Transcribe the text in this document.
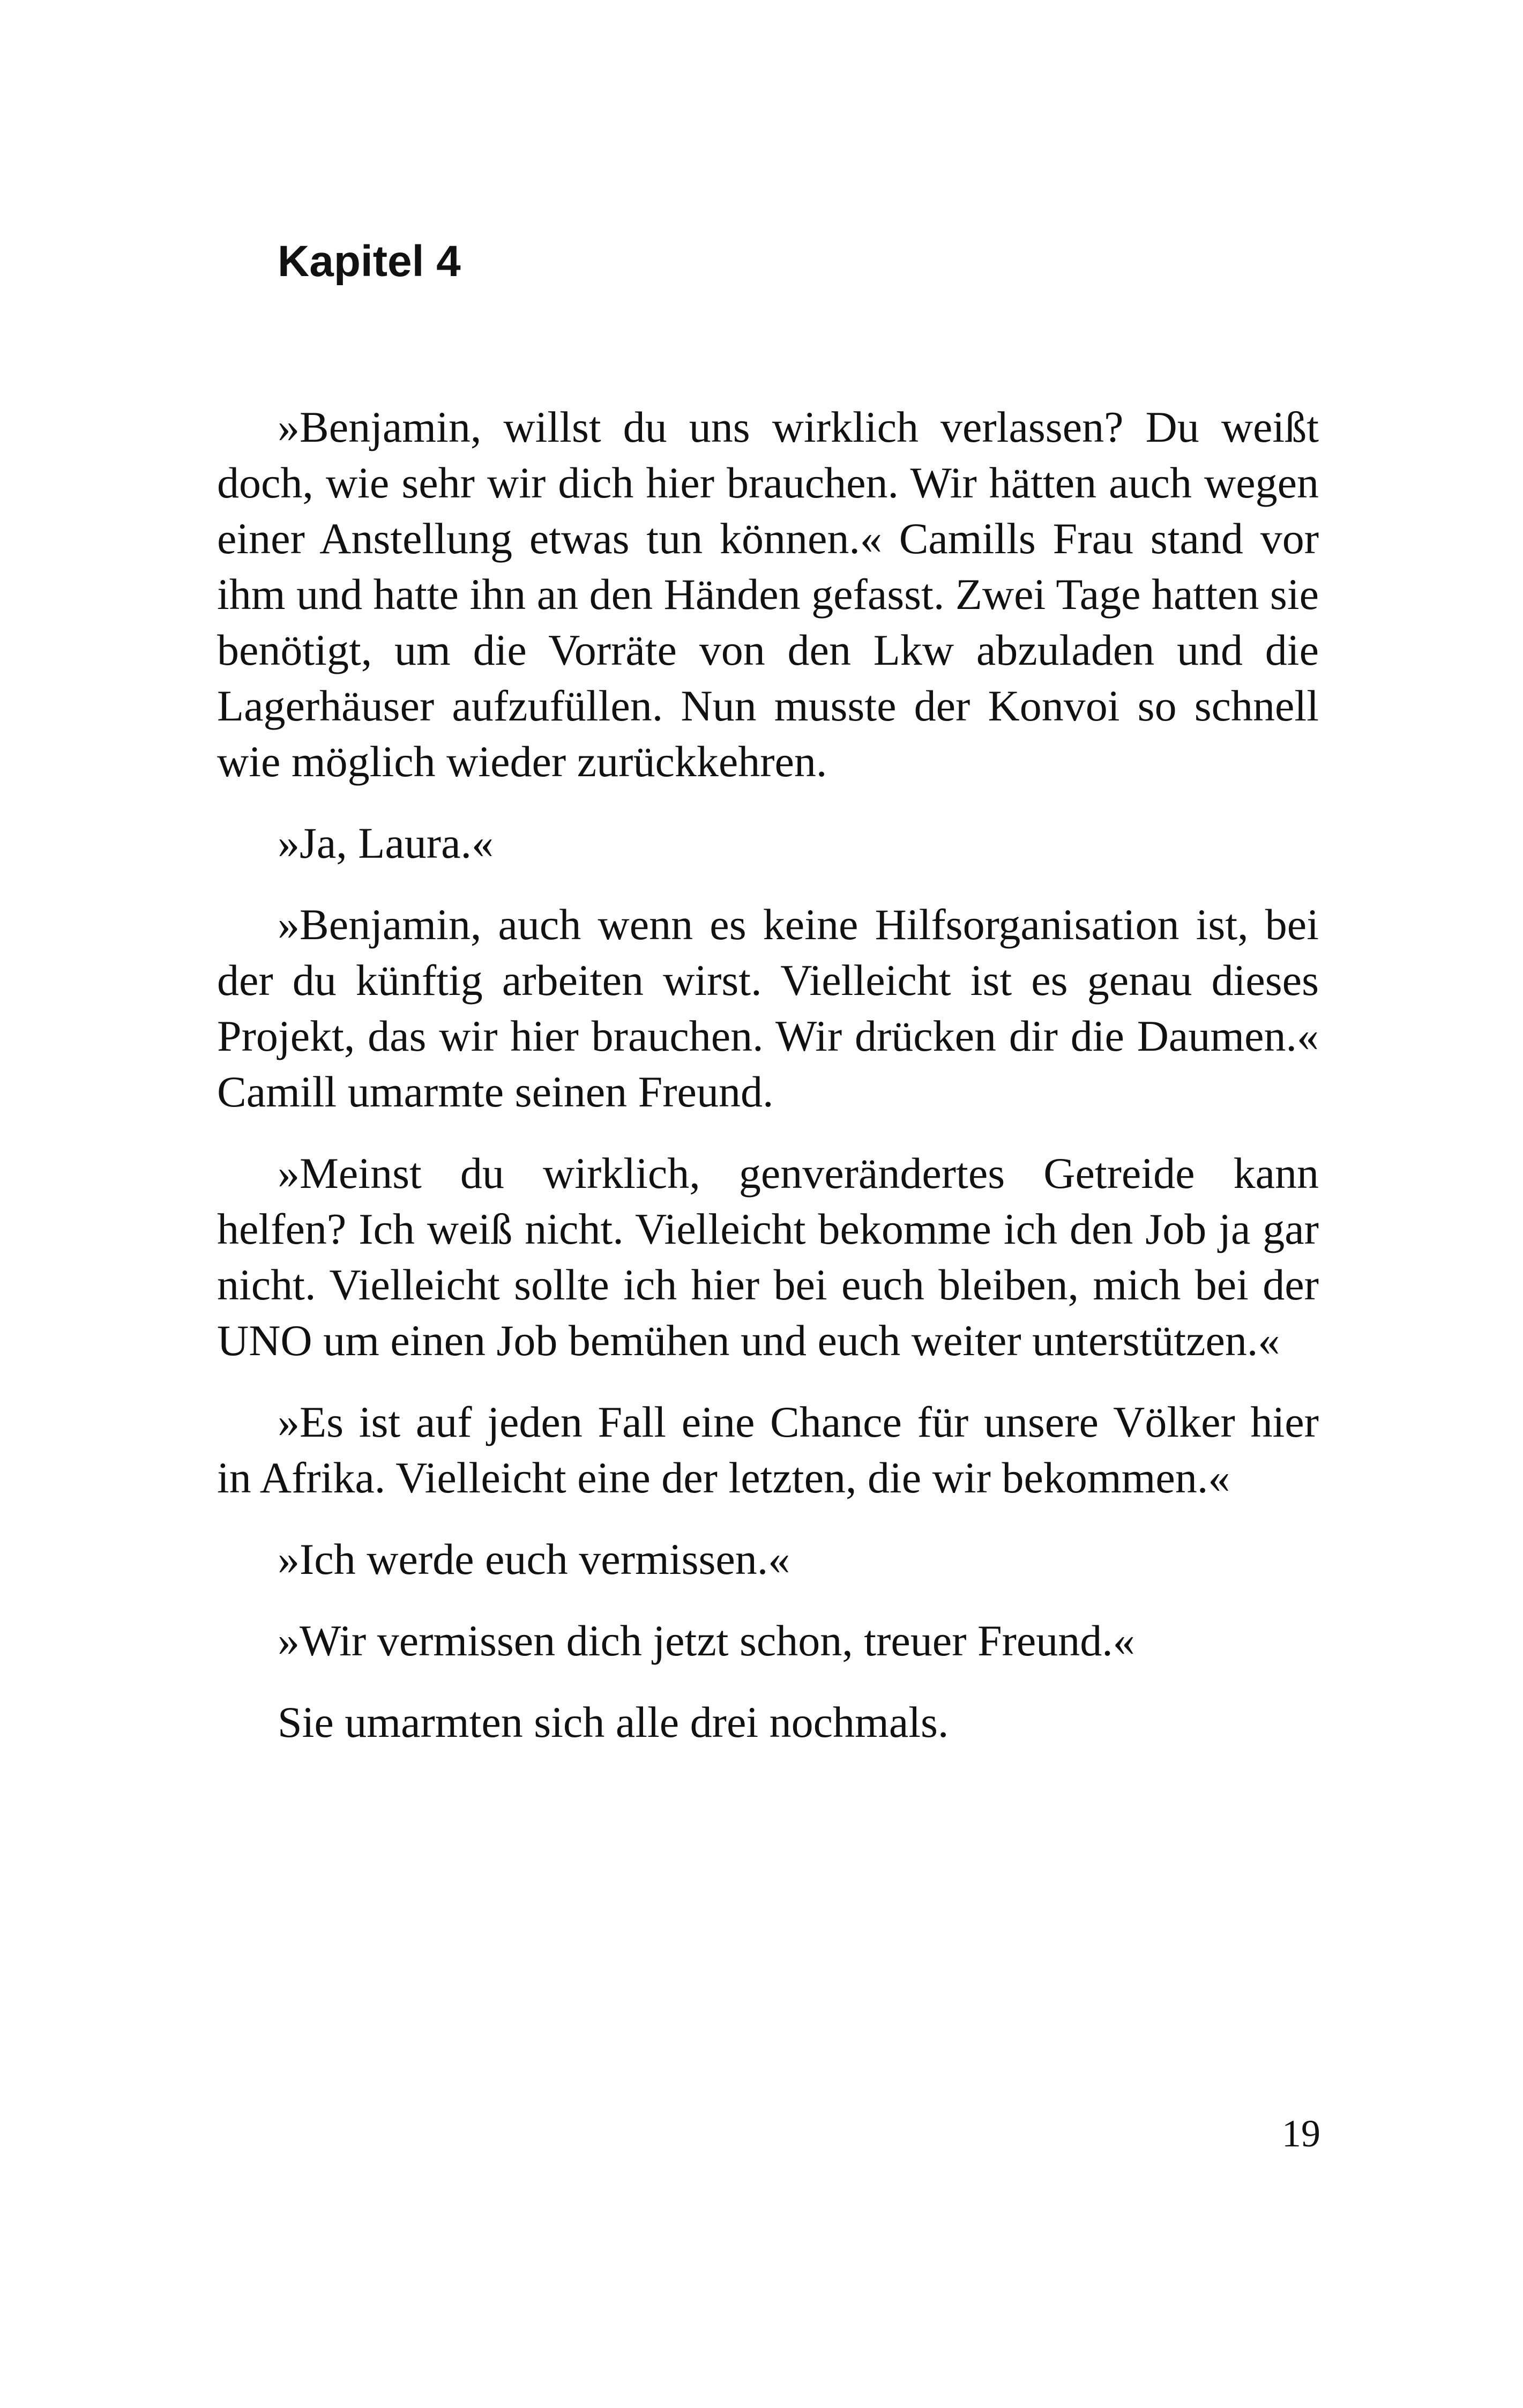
Kapitel 4

»Benjamin, willst du uns wirklich verlassen? Du weißt doch, wie sehr wir dich hier brauchen. Wir hätten auch wegen einer Anstellung etwas tun können.« Camills Frau stand vor ihm und hatte ihn an den Händen gefasst. Zwei Tage hatten sie benötigt, um die Vorräte von den Lkw abzuladen und die Lagerhäuser aufzufüllen. Nun musste der Konvoi so schnell wie möglich wieder zurückkehren.

»Ja, Laura.«

»Benjamin, auch wenn es keine Hilfsorganisation ist, bei der du künftig arbeiten wirst. Vielleicht ist es genau dieses Projekt, das wir hier brauchen. Wir drücken dir die Daumen.« Camill umarmte seinen Freund.

»Meinst du wirklich, genverändertes Getreide kann helfen? Ich weiß nicht. Vielleicht bekomme ich den Job ja gar nicht. Vielleicht sollte ich hier bei euch bleiben, mich bei der UNO um einen Job bemühen und euch weiter unterstützen.«

»Es ist auf jeden Fall eine Chance für unsere Völker hier in Afrika. Vielleicht eine der letzten, die wir bekommen.«

»Ich werde euch vermissen.«

»Wir vermissen dich jetzt schon, treuer Freund.«

Sie umarmten sich alle drei nochmals.

19
